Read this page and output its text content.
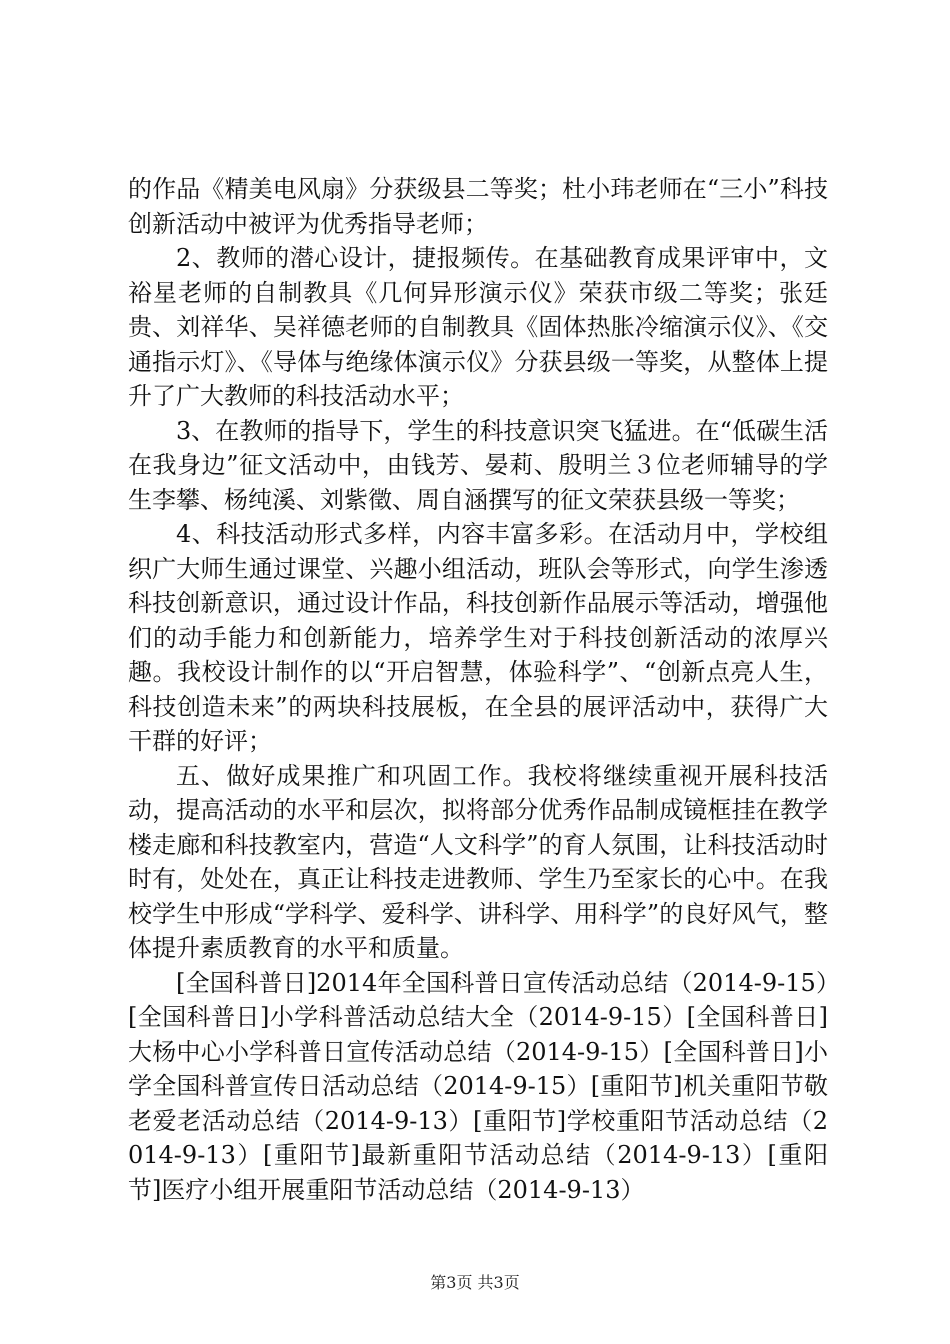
的作品《精美电风扇》分获级县二等奖；杜小玮老师在“三小”科技创新活动中被评为优秀指导老师；

2、教师的潜心设计，捷报频传。在基础教育成果评审中，文裕星老师的自制教具《几何异形演示仪》荣获市级二等奖；张廷贵、刘祥华、吴祥德老师的自制教具《固体热胀冷缩演示仪》、《交通指示灯》、《导体与绝缘体演示仪》分获县级一等奖，从整体上提升了广大教师的科技活动水平；

3、在教师的指导下，学生的科技意识突飞猛进。在“低碳生活在我身边”征文活动中，由钱芳、晏莉、殷明兰３位老师辅导的学生李攀、杨纯溪、刘紫徵、周自涵撰写的征文荣获县级一等奖；

4、科技活动形式多样，内容丰富多彩。在活动月中，学校组织广大师生通过课堂、兴趣小组活动，班队会等形式，向学生渗透科技创新意识，通过设计作品，科技创新作品展示等活动，增强他们的动手能力和创新能力，培养学生对于科技创新活动的浓厚兴趣。我校设计制作的以“开启智慧，体验科学”、“创新点亮人生，科技创造未来”的两块科技展板，在全县的展评活动中，获得广大干群的好评；

五、做好成果推广和巩固工作。我校将继续重视开展科技活动，提高活动的水平和层次，拟将部分优秀作品制成镜框挂在教学楼走廊和科技教室内，营造“人文科学”的育人氛围，让科技活动时时有，处处在，真正让科技走进教师、学生乃至家长的心中。在我校学生中形成“学科学、爱科学、讲科学、用科学”的良好风气，整体提升素质教育的水平和质量。

[全国科普日]2014年全国科普日宣传活动总结（2014-9-15）[全国科普日]小学科普活动总结大全（2014-9-15）[全国科普日]大杨中心小学科普日宣传活动总结（2014-9-15）[全国科普日]小学全国科普宣传日活动总结（2014-9-15）[重阳节]机关重阳节敬老爱老活动总结（2014-9-13）[重阳节]学校重阳节活动总结（2014-9-13）[重阳节]最新重阳节活动总结（2014-9-13）[重阳节]医疗小组开展重阳节活动总结（2014-9-13）

第3页 共3页
